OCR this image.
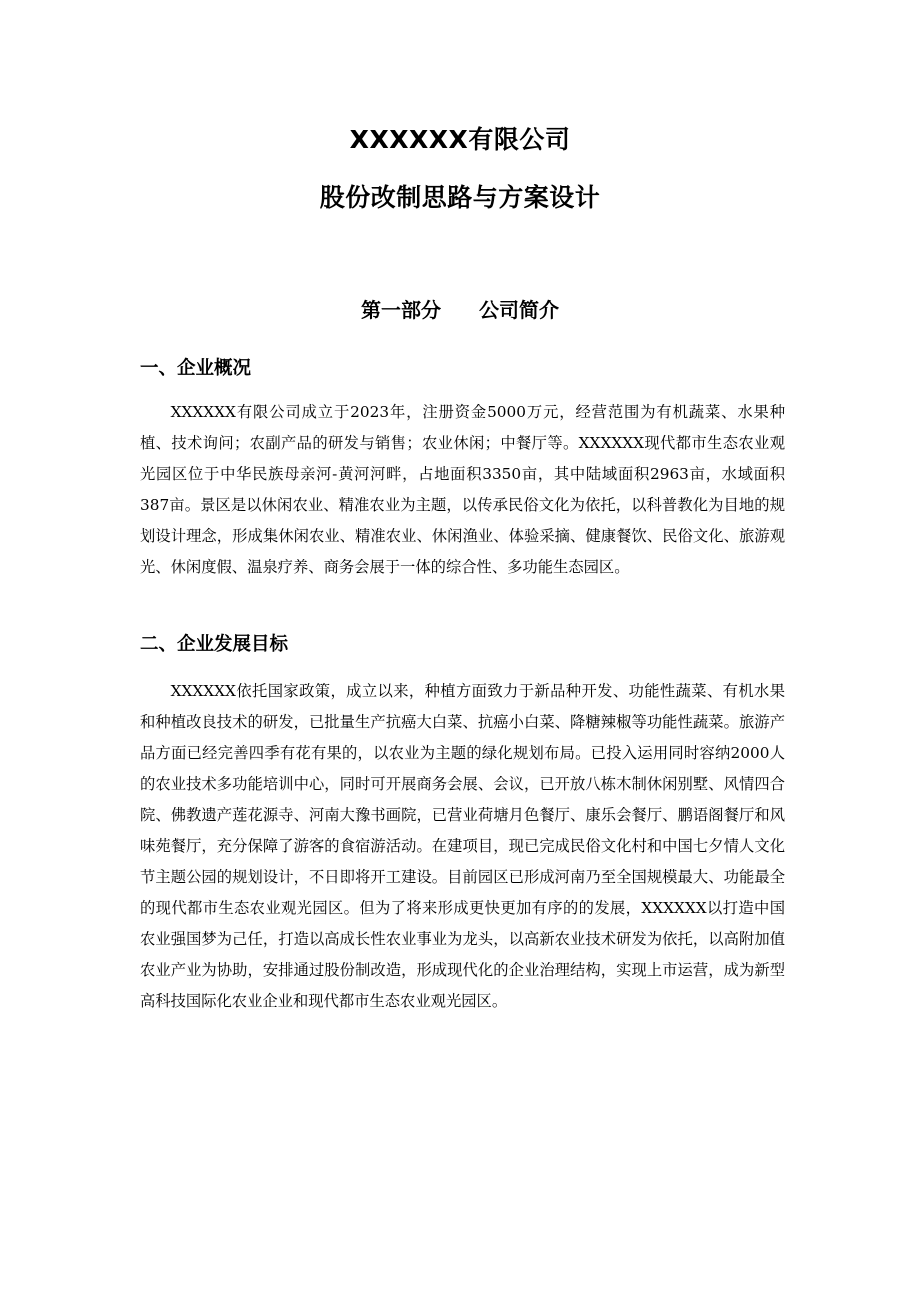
XXXXXX有限公司
股份改制思路与方案设计
第一部分 公司简介
一、企业概况

XXXXXX有限公司成立于2023年，注册资金5000万元，经营范围为有机蔬菜、水果种植、技术询问；农副产品的研发与销售；农业休闲；中餐厅等。XXXXXX现代都市生态农业观光园区位于中华民族母亲河-黄河河畔，占地面积3350亩，其中陆域面积2963亩，水域面积387亩。景区是以休闲农业、精准农业为主题，以传承民俗文化为依托，以科普教化为目地的规划设计理念，形成集休闲农业、精准农业、休闲渔业、体验采摘、健康餐饮、民俗文化、旅游观光、休闲度假、温泉疗养、商务会展于一体的综合性、多功能生态园区。

二、企业发展目标

XXXXXX依托国家政策，成立以来，种植方面致力于新品种开发、功能性蔬菜、有机水果和种植改良技术的研发，已批量生产抗癌大白菜、抗癌小白菜、降糖辣椒等功能性蔬菜。旅游产品方面已经完善四季有花有果的，以农业为主题的绿化规划布局。已投入运用同时容纳2000人的农业技术多功能培训中心，同时可开展商务会展、会议，已开放八栋木制休闲别墅、风情四合院、佛教遗产莲花源寺、河南大豫书画院，已营业荷塘月色餐厅、康乐会餐厅、鹏语阁餐厅和风味苑餐厅，充分保障了游客的食宿游活动。在建项目，现已完成民俗文化村和中国七夕情人文化节主题公园的规划设计，不日即将开工建设。目前园区已形成河南乃至全国规模最大、功能最全的现代都市生态农业观光园区。但为了将来形成更快更加有序的的发展，XXXXXX以打造中国农业强国梦为己任，打造以高成长性农业事业为龙头，以高新农业技术研发为依托，以高附加值农业产业为协助，安排通过股份制改造，形成现代化的企业治理结构，实现上市运营，成为新型高科技国际化农业企业和现代都市生态农业观光园区。
